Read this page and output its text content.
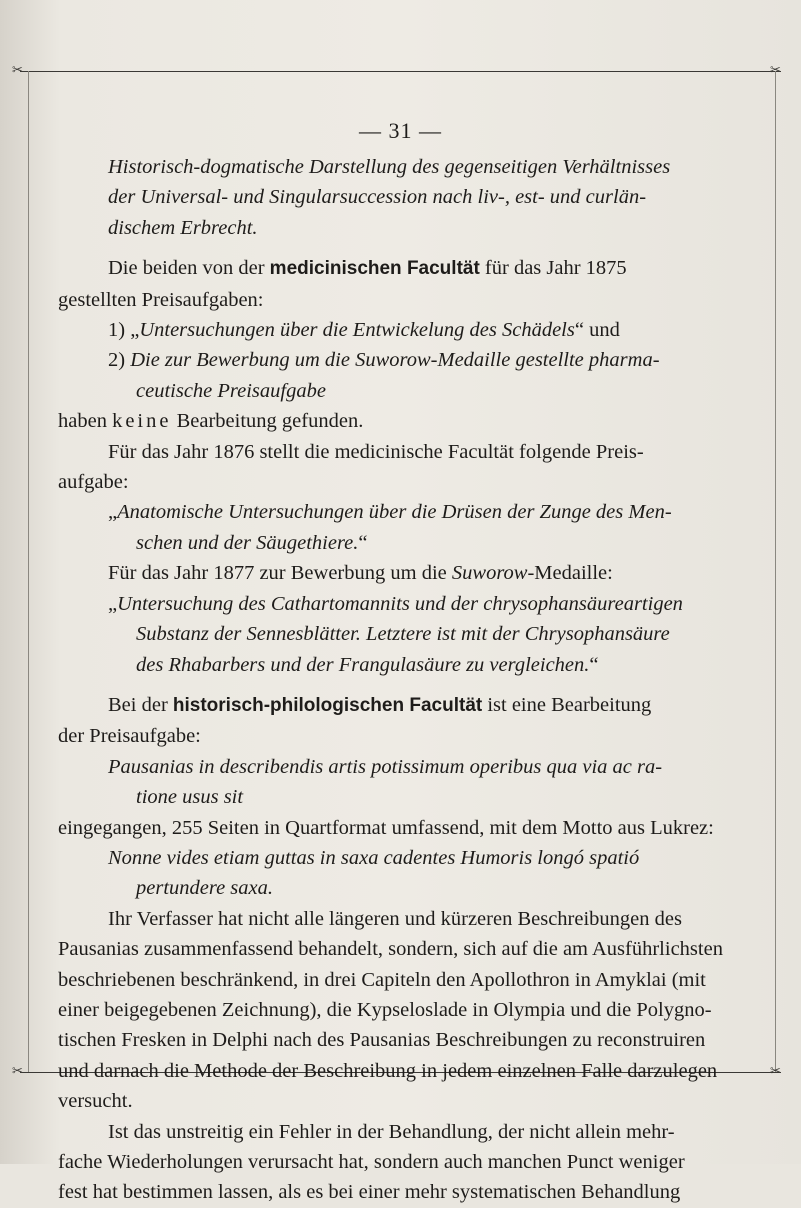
✂	✂
✂	✂
— 31 —

Historisch-dogmatische Darstellung des gegenseitigen Verhältnisses

der Universal- und Singularsuccession nach liv-, est- und curlän-

dischem Erbrecht.

Die beiden von der medicinischen Facultät für das Jahr 1875

gestellten Preisaufgaben:

1) „Untersuchungen über die Entwickelung des Schädels“ und

2) Die zur Bewerbung um die Suworow-Medaille gestellte pharma-

ceutische Preisaufgabe

haben keine Bearbeitung gefunden.

Für das Jahr 1876 stellt die medicinische Facultät folgende Preis-

aufgabe:

„Anatomische Untersuchungen über die Drüsen der Zunge des Men-

schen und der Säugethiere.“

Für das Jahr 1877 zur Bewerbung um die Suworow-Medaille:

„Untersuchung des Cathartomannits und der chrysophansäureartigen

Substanz der Sennesblätter. Letztere ist mit der Chrysophansäure

des Rhabarbers und der Frangulasäure zu vergleichen.“

Bei der historisch-philologischen Facultät ist eine Bearbeitung

der Preisaufgabe:

Pausanias in describendis artis potissimum operibus qua via ac ra-

tione usus sit

eingegangen, 255 Seiten in Quartformat umfassend, mit dem Motto aus Lukrez:

Nonne vides etiam guttas in saxa cadentes Humoris longó spatió

pertundere saxa.

Ihr Verfasser hat nicht alle längeren und kürzeren Beschreibungen des

Pausanias zusammenfassend behandelt, sondern, sich auf die am Ausführlichsten

beschriebenen beschränkend, in drei Capiteln den Apollothron in Amyklai (mit

einer beigegebenen Zeichnung), die Kypseloslade in Olympia und die Polygno-

tischen Fresken in Delphi nach des Pausanias Beschreibungen zu reconstruiren

und darnach die Methode der Beschreibung in jedem einzelnen Falle darzulegen

versucht.

Ist das unstreitig ein Fehler in der Behandlung, der nicht allein mehr-

fache Wiederholungen verursacht hat, sondern auch manchen Punct weniger

fest hat bestimmen lassen, als es bei einer mehr systematischen Behandlung
